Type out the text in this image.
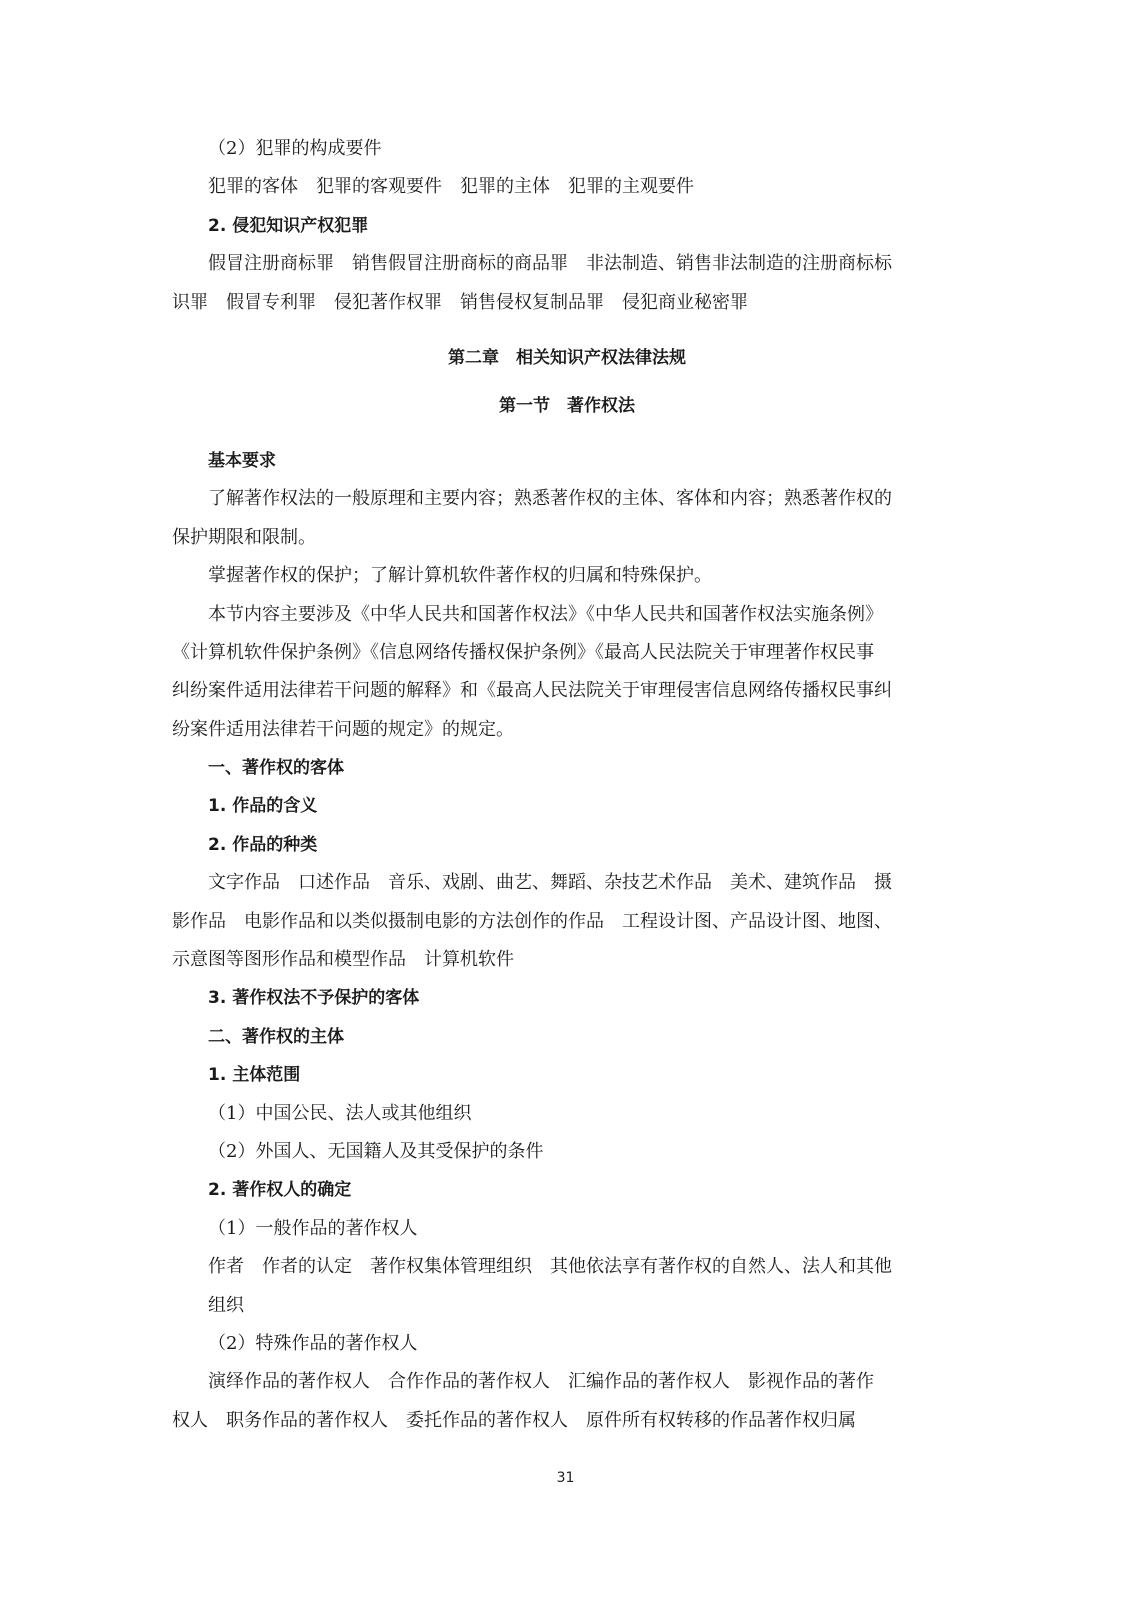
（2）犯罪的构成要件
犯罪的客体　犯罪的客观要件　犯罪的主体　犯罪的主观要件
2. 侵犯知识产权犯罪
假冒注册商标罪　销售假冒注册商标的商品罪　非法制造、销售非法制造的注册商标标
识罪　假冒专利罪　侵犯著作权罪　销售侵权复制品罪　侵犯商业秘密罪
第二章　相关知识产权法律法规
第一节　著作权法
基本要求
了解著作权法的一般原理和主要内容；熟悉著作权的主体、客体和内容；熟悉著作权的
保护期限和限制。
掌握著作权的保护；了解计算机软件著作权的归属和特殊保护。
本节内容主要涉及《中华人民共和国著作权法》《中华人民共和国著作权法实施条例》
《计算机软件保护条例》《信息网络传播权保护条例》《最高人民法院关于审理著作权民事
纠纷案件适用法律若干问题的解释》和《最高人民法院关于审理侵害信息网络传播权民事纠
纷案件适用法律若干问题的规定》的规定。
一、著作权的客体
1. 作品的含义
2. 作品的种类
文字作品　口述作品　音乐、戏剧、曲艺、舞蹈、杂技艺术作品　美术、建筑作品　摄
影作品　电影作品和以类似摄制电影的方法创作的作品　工程设计图、产品设计图、地图、
示意图等图形作品和模型作品　计算机软件
3. 著作权法不予保护的客体
二、著作权的主体
1. 主体范围
（1）中国公民、法人或其他组织
（2）外国人、无国籍人及其受保护的条件
2. 著作权人的确定
（1）一般作品的著作权人
作者　作者的认定　著作权集体管理组织　其他依法享有著作权的自然人、法人和其他
组织
（2）特殊作品的著作权人
演绎作品的著作权人　合作作品的著作权人　汇编作品的著作权人　影视作品的著作
权人　职务作品的著作权人　委托作品的著作权人　原件所有权转移的作品著作权归属
31
